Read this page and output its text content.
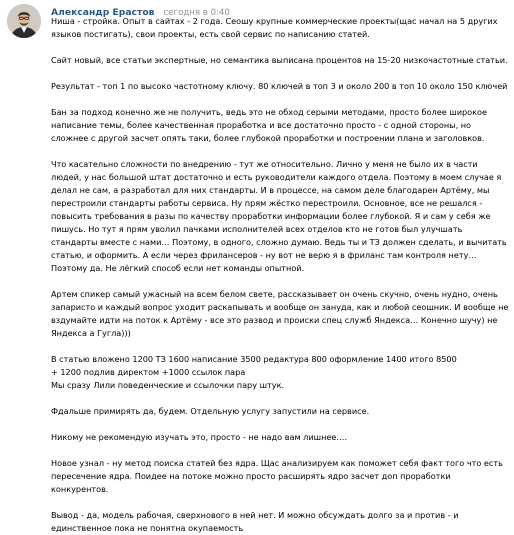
Александр Ерастов сегодня в 0:40

Ниша - стройка. Опыт в сайтах - 2 года. Сеошу крупные коммерческие проекты(щас начал на 5 других языков постигать), свои проекты, есть свой сервис по написанию статей.

Сайт новый, все статьи экспертные, но семантика выписана процентов на 15-20 низкочастотные статьи.

Результат - топ 1 по высоко частотному ключу. 80 ключей в топ 3 и около 200 в топ 10 около 150 ключей

Бан за подход конечно же не получить, ведь это не обход серыми методами, просто более широкое написание темы, более качественная проработка и все достаточно просто - с одной стороны, но сложнее с другой засчет опять таки, более глубокой проработки и построении плана и заголовков.

Что касательно сложности по внедрению - тут же относительно. Лично у меня не было их в части людей, у нас большой штат достаточно и есть руководители каждого отдела. Поэтому в моем случае я делал не сам, а разработал для них стандарты. И в процессе, на самом деле благодарен Артёму, мы перестроили стандарты работы сервиса. Ну прям жёстко перестроили. Основное, все не решался - повысить требования в разы по качеству проработки информации более глубокой. Я и сам у себя же пишусь. Но тут я прям уволил пачками исполнителей всех отделов кто не готов был улучшать стандарты вместе с нами… Поэтому, в одного, сложно думаю. Ведь ты и ТЗ должен сделать, и вычитать статью, и оформить. А если через фрилансеров - ну вот не верю я в фриланс там контроля нету… Поэтому да. Не лёгкий способ если нет команды опытной.

Артем спикер самый ужасный на всем белом свете, рассказывает он очень скучно, очень нудно, очень запаристо и каждый вопрос уходит раскапывать и вообще он зануда, как и любой сеошник. И вообще не вздумайте идти на поток к Артёму - все это развод и происки спец служб Яндекса… Конечно шучу) не Яндекса а Гугла)))

В статью вложено 1200 ТЗ 1600 написание 3500 редактура 800 оформление 1400 итого 8500
+ 1200 подлив директом +1000 ссылок пара
Мы сразу Лили поведенческие и ссылочки пару штук.

Фдальше примирять да, будем. Отдельную услугу запустили на сервисе.

Никому не рекомендую изучать это, просто - не надо вам лишнее….

Новое узнал - ну метод поиска статей без ядра. Щас анализируем как поможет себя факт того что есть пересечение ядра. Поидее на потоке можно просто расширять ядро засчет доп проработки конкурентов.

Вывод - да, модель рабочая, сверхнового в ней нет. И можно обсуждать долго за и против - и единственное пока не понятна окупаемость
